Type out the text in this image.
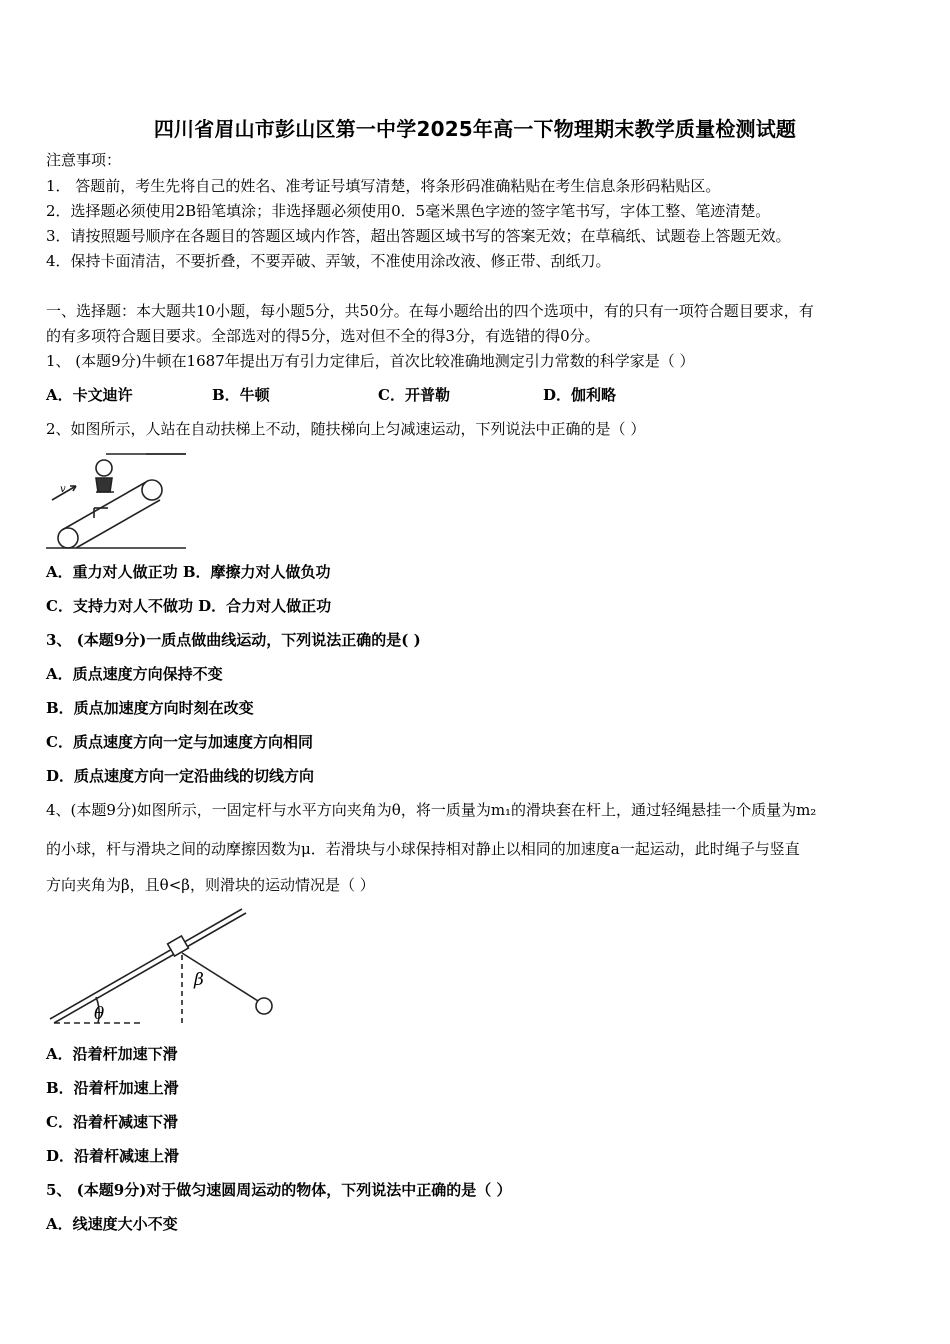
四川省眉山市彭山区第一中学2025年高一下物理期末教学质量检测试题
注意事项：
1． 答题前，考生先将自己的姓名、准考证号填写清楚，将条形码准确粘贴在考生信息条形码粘贴区。
2．选择题必须使用2B铅笔填涂；非选择题必须使用0．5毫米黑色字迹的签字笔书写，字体工整、笔迹清楚。
3．请按照题号顺序在各题目的答题区域内作答，超出答题区域书写的答案无效；在草稿纸、试题卷上答题无效。
4．保持卡面清洁，不要折叠，不要弄破、弄皱，不准使用涂改液、修正带、刮纸刀。
一、选择题：本大题共10小题，每小题5分，共50分。在每小题给出的四个选项中，有的只有一项符合题目要求，有
的有多项符合题目要求。全部选对的得5分，选对但不全的得3分，有选错的得0分。
1、 (本题9分)牛顿在1687年提出万有引力定律后，首次比较准确地测定引力常数的科学家是（ ）
A．卡文迪许	B．牛顿	C．开普勒	D．伽利略
2、如图所示，人站在自动扶梯上不动，随扶梯向上匀减速运动，下列说法中正确的是（ ）
v
A．重力对人做正功 B．摩擦力对人做负功
C．支持力对人不做功 D．合力对人做正功
3、 (本题9分)一质点做曲线运动，下列说法正确的是( )
A．质点速度方向保持不变
B．质点加速度方向时刻在改变
C．质点速度方向一定与加速度方向相同
D．质点速度方向一定沿曲线的切线方向
4、(本题9分)如图所示，一固定杆与水平方向夹角为θ，将一质量为m₁的滑块套在杆上，通过轻绳悬挂一个质量为m₂
的小球，杆与滑块之间的动摩擦因数为μ．若滑块与小球保持相对静止以相同的加速度a一起运动，此时绳子与竖直
方向夹角为β，且θ<β，则滑块的运动情况是（ ）
θ
β
A．沿着杆加速下滑
B．沿着杆加速上滑
C．沿着杆减速下滑
D．沿着杆减速上滑
5、 (本题9分)对于做匀速圆周运动的物体，下列说法中正确的是（ ）
A．线速度大小不变
